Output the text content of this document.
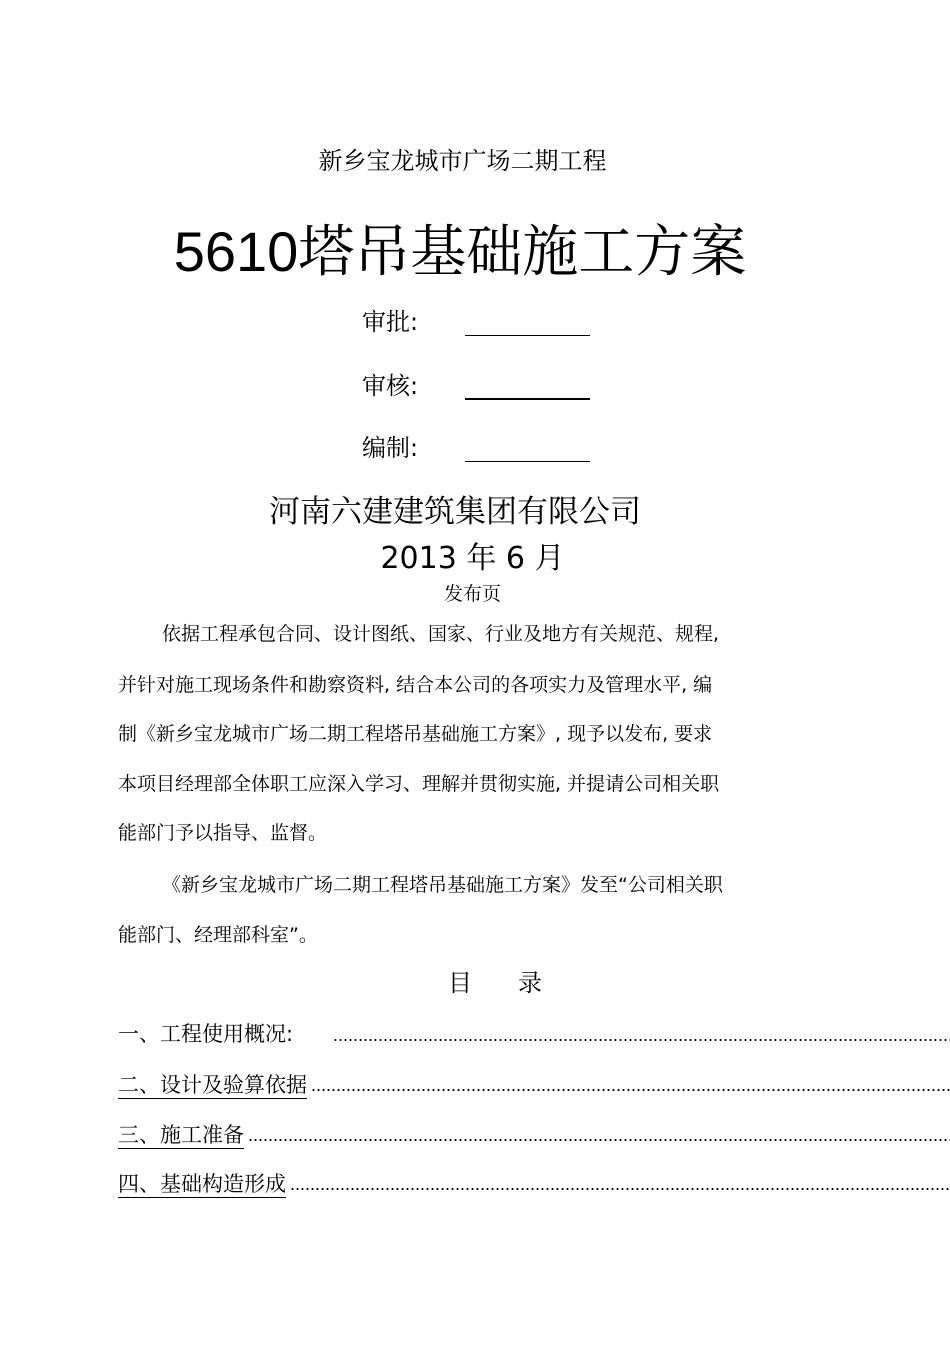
新乡宝龙城市广场二期工程
5610塔吊基础施工方案
审批:
审核:
编制:
河南六建建筑集团有限公司
2013 年 6 月
发布页
依据工程承包合同、设计图纸、国家、行业及地方有关规范、规程,
并针对施工现场条件和勘察资料, 结合本公司的各项实力及管理水平, 编
制《新乡宝龙城市广场二期工程塔吊基础施工方案》, 现予以发布, 要求
本项目经理部全体职工应深入学习、理解并贯彻实施, 并提请公司相关职
能部门予以指导、监督。
《新乡宝龙城市广场二期工程塔吊基础施工方案》发至“公司相关职
能部门、经理部科室”。
目 录
一、工程使用概况:
二、设计及验算依据
三、施工准备
四、基础构造形成
